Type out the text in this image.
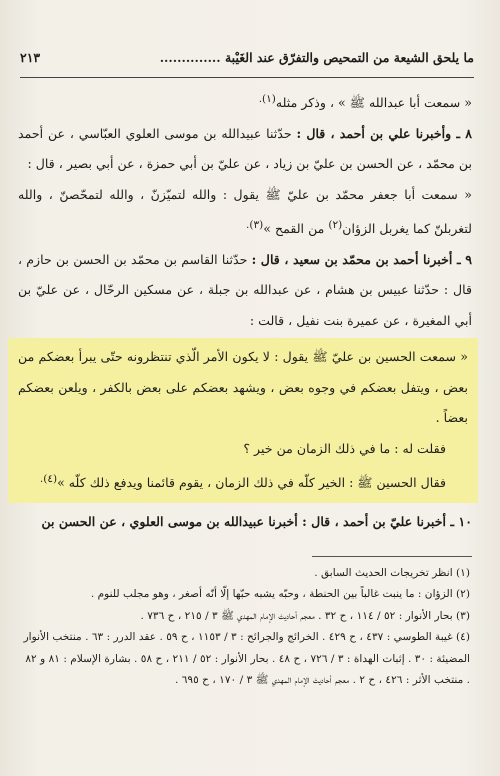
ما يلحق الشيعة من التمحيص والتفرّق عند الغَيْبة ..............
٢١٣

« سمعت أبا عبدالله ﷺ » ، وذكر مثله$^{(١).}$

٨ ـ وأخبرنا علي بن أحمد ، قال : حدّثنا عبيدالله بن موسى العلوي العبّاسي ، عن أحمد بن محمّد ، عن الحسن بن عليّ بن زياد ، عن عليّ بن أبي حمزة ، عن أبي بصير ، قال :

« سمعت أبا جعفر محمّد بن عليّ ﷺ يقول : والله لتميّزنّ ، والله لتمحّصنّ ، والله لتغربلنّ كما يغربل الزؤان$^{(٢)}$ من القمح »$^{(٣).}$

٩ ـ أخبرنا أحمد بن محمّد بن سعيد ، قال : حدّثنا القاسم بن محمّد بن الحسن بن حازم ، قال : حدّثنا عبيس بن هشام ، عن عبدالله بن جبلة ، عن مسكين الرحّال ، عن عليّ بن أبي المغيرة ، عن عميرة بنت نفيل ، قالت :

« سمعت الحسين بن عليّ ﷺ يقول : لا يكون الأمر الّذي تنتظرونه حتّى يبرأ بعضكم من بعض ، ويتفل بعضكم في وجوه بعض ، ويشهد بعضكم على بعض بالكفر ، ويلعن بعضكم بعضاً .

فقلت له : ما في ذلك الزمان من خير ؟

فقال الحسين ﷺ : الخير كلّه في ذلك الزمان ، يقوم قائمنا ويدفع ذلك كلّه »$^{(٤).}$

١٠ ـ أخبرنا عليّ بن أحمد ، قال : أخبرنا عبيدالله بن موسى العلوي ، عن الحسن بن

(١) انظر تخريجات الحديث السابق .

(٢) الزؤان : ما ينبت غالباً بين الحنطة ، وحبّه يشبه حبّها إلّا أنّه أصغر ، وهو مجلب للنوم .

(٣) بحار الأنوار : ٥٢ / ١١٤ ، ح ٣٢ . معجم أحاديث الإمام المهدي ﷺ ٣ / ٢١٥ ، ح ٧٣٦ .

(٤) غيبة الطوسي : ٤٣٧ ، ح ٤٢٩ . الخرائج والجرائح : ٣ / ١١٥٣ ، ح ٥٩ . عقد الدرر : ٦٣ . منتخب الأنوار المضيئة : ٣٠ . إثبات الهداة : ٣ / ٧٢٦ ، ح ٤٨ . بحار الأنوار : ٥٢ / ٢١١ ، ح ٥٨ . بشارة الإسلام : ٨١ و ٨٢ . منتخب الأثر : ٤٢٦ ، ح ٢ . معجم أحاديث الإمام المهدي ﷺ ٣ / ١٧٠ ، ح ٦٩٥ .
